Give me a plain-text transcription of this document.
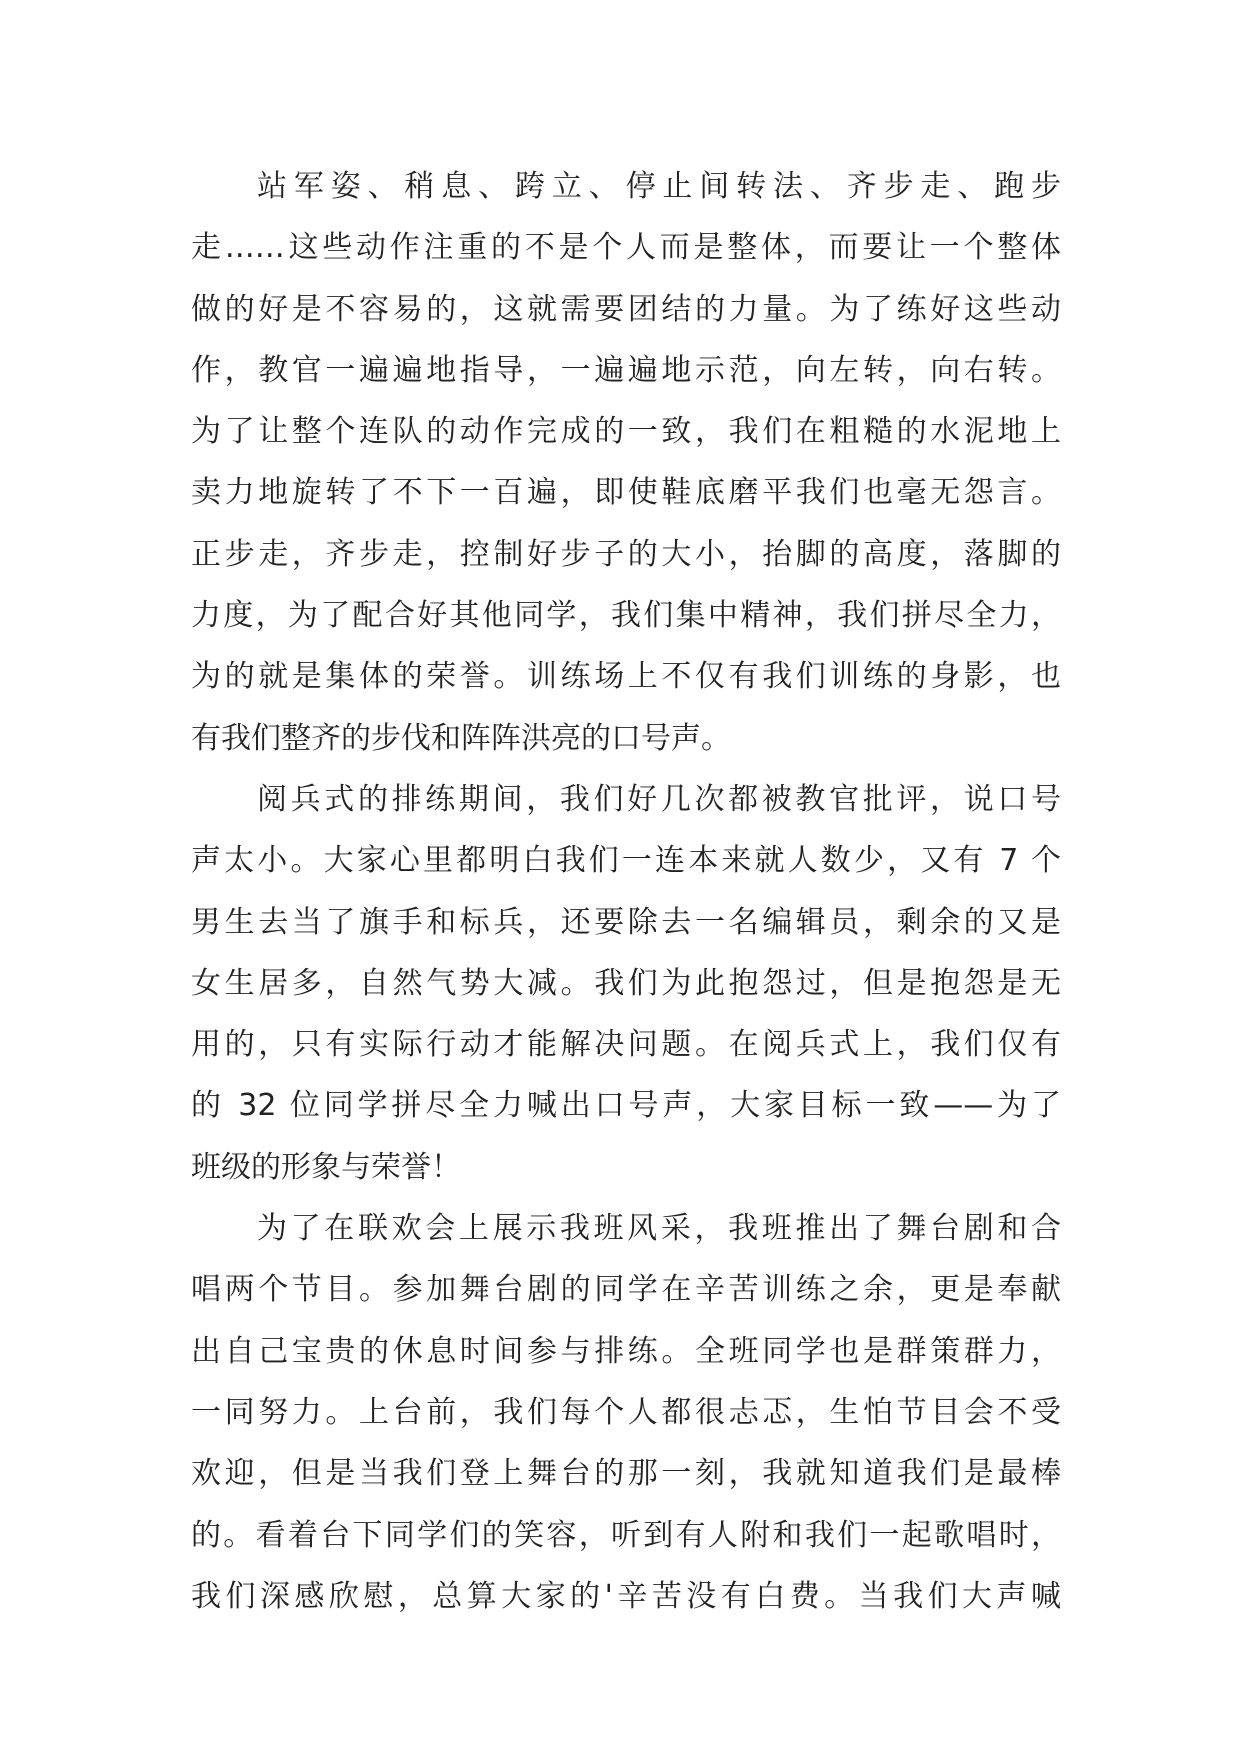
站军姿、稍息、跨立、停止间转法、齐步走、跑步
走……这些动作注重的不是个人而是整体，而要让一个整体
做的好是不容易的，这就需要团结的力量。为了练好这些动
作，教官一遍遍地指导，一遍遍地示范，向左转，向右转。
为了让整个连队的动作完成的一致，我们在粗糙的水泥地上
卖力地旋转了不下一百遍，即使鞋底磨平我们也毫无怨言。
正步走，齐步走，控制好步子的大小，抬脚的高度，落脚的
力度，为了配合好其他同学，我们集中精神，我们拼尽全力，
为的就是集体的荣誉。训练场上不仅有我们训练的身影，也
有我们整齐的步伐和阵阵洪亮的口号声。
阅兵式的排练期间，我们好几次都被教官批评，说口号
声太小。大家心里都明白我们一连本来就人数少，又有 7 个
男生去当了旗手和标兵，还要除去一名编辑员，剩余的又是
女生居多，自然气势大减。我们为此抱怨过，但是抱怨是无
用的，只有实际行动才能解决问题。在阅兵式上，我们仅有
的 32 位同学拼尽全力喊出口号声，大家目标一致——为了
班级的形象与荣誉！
为了在联欢会上展示我班风采，我班推出了舞台剧和合
唱两个节目。参加舞台剧的同学在辛苦训练之余，更是奉献
出自己宝贵的休息时间参与排练。全班同学也是群策群力，
一同努力。上台前，我们每个人都很忐忑，生怕节目会不受
欢迎，但是当我们登上舞台的那一刻，我就知道我们是最棒
的。看着台下同学们的笑容，听到有人附和我们一起歌唱时，
我们深感欣慰，总算大家的'辛苦没有白费。当我们大声喊
